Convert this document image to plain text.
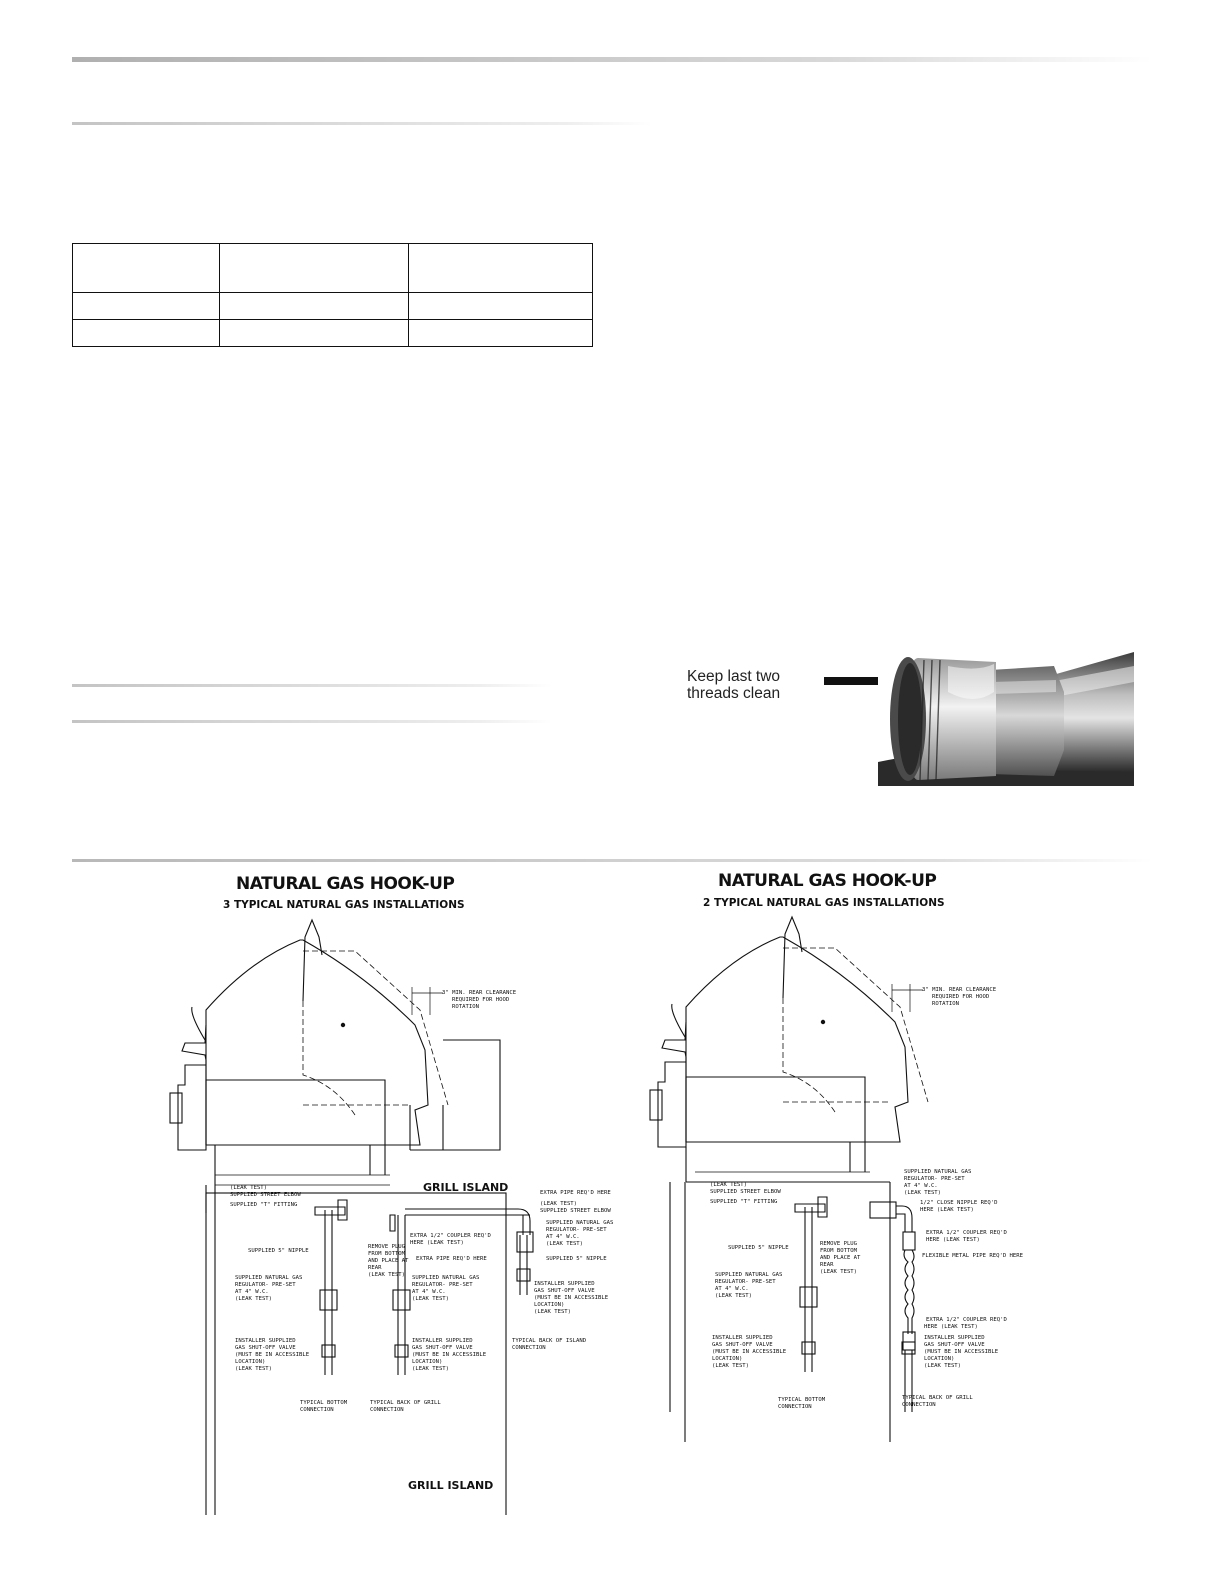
Keep last two
threads clean
NATURAL GAS HOOK-UP
3 TYPICAL NATURAL GAS INSTALLATIONS
GRILL ISLAND
GRILL ISLAND
3" MIN. REAR CLEARANCE
REQUIRED FOR HOOD
ROTATION
(LEAK TEST)
SUPPLIED STREET ELBOW
SUPPLIED "T" FITTING
EXTRA PIPE REQ'D HERE
(LEAK TEST)
SUPPLIED STREET ELBOW
EXTRA 1/2" COUPLER REQ'D
HERE (LEAK TEST)
SUPPLIED NATURAL GAS
REGULATOR- PRE-SET
AT 4" W.C.
(LEAK TEST)
SUPPLIED 5" NIPPLE
REMOVE PLUG
FROM BOTTOM
AND PLACE AT
REAR
(LEAK TEST)
EXTRA PIPE REQ'D HERE	SUPPLIED 5" NIPPLE
SUPPLIED NATURAL GAS
REGULATOR- PRE-SET
AT 4" W.C.
(LEAK TEST)
SUPPLIED NATURAL GAS
REGULATOR- PRE-SET
AT 4" W.C.
(LEAK TEST)
INSTALLER SUPPLIED
GAS SHUT-OFF VALVE
(MUST BE IN ACCESSIBLE
LOCATION)
(LEAK TEST)
TYPICAL BACK OF ISLAND
CONNECTION
INSTALLER SUPPLIED
GAS SHUT-OFF VALVE
(MUST BE IN ACCESSIBLE
LOCATION)
(LEAK TEST)
INSTALLER SUPPLIED
GAS SHUT-OFF VALVE
(MUST BE IN ACCESSIBLE
LOCATION)
(LEAK TEST)
TYPICAL BOTTOM
CONNECTION
TYPICAL BACK OF GRILL
CONNECTION
NATURAL GAS HOOK-UP
2 TYPICAL NATURAL GAS INSTALLATIONS
3" MIN. REAR CLEARANCE
REQUIRED FOR HOOD
ROTATION
SUPPLIED NATURAL GAS
REGULATOR- PRE-SET
AT 4" W.C.
(LEAK TEST)
(LEAK TEST)
SUPPLIED STREET ELBOW
SUPPLIED "T" FITTING	1/2" CLOSE NIPPLE REQ'D
HERE (LEAK TEST)
EXTRA 1/2" COUPLER REQ'D
HERE (LEAK TEST)
SUPPLIED 5" NIPPLE
REMOVE PLUG
FROM BOTTOM
AND PLACE AT
REAR
(LEAK TEST)
FLEXIBLE METAL PIPE REQ'D HERE
SUPPLIED NATURAL GAS
REGULATOR- PRE-SET
AT 4" W.C.
(LEAK TEST)
EXTRA 1/2" COUPLER REQ'D
HERE (LEAK TEST)
INSTALLER SUPPLIED
GAS SHUT-OFF VALVE
(MUST BE IN ACCESSIBLE
LOCATION)
(LEAK TEST)
INSTALLER SUPPLIED
GAS SHUT-OFF VALVE
(MUST BE IN ACCESSIBLE
LOCATION)
(LEAK TEST)
TYPICAL BOTTOM
CONNECTION
TYPICAL BACK OF GRILL
CONNECTION
